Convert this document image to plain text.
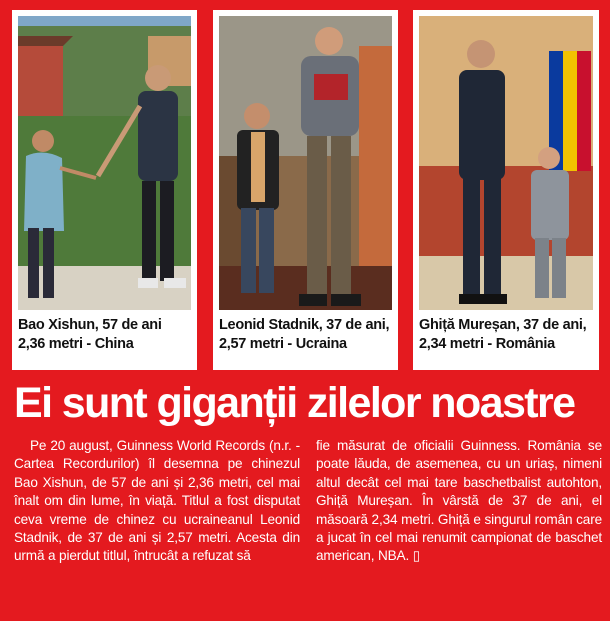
Bao Xishun, 57 de ani
2,36 metri - China
Leonid Stadnik, 37 de ani,
2,57 metri - Ucraina
Ghiță Mureșan, 37 de ani,
2,34 metri - România
Ei sunt giganții zilelor noastre
Pe 20 august, Guinness World Records (n.r. - Cartea Recordurilor) îl desemna pe chinezul Bao Xishun, de 57 de ani și 2,36 metri, cel mai înalt om din lume, în viață. Titlul a fost disputat ceva vreme de chinez cu ucraineanul Leonid Stadnik, de 37 de ani și 2,57 metri. Acesta din urmă a pierdut titlul, întrucât a refuzat să
fie măsurat de oficialii Guinness. România se poate lăuda, de asemenea, cu un uriaș, nimeni altul decât cel mai tare baschetbalist autohton, Ghiță Mureșan. În vârstă de 37 de ani, el măsoară 2,34 metri. Ghiță e singurul român care a jucat în cel mai renumit campionat de baschet american, NBA. ▯
